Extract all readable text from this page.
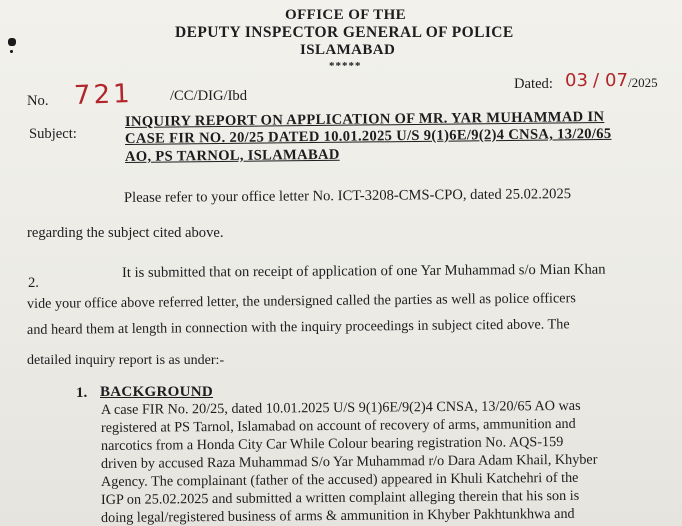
OFFICE OF THE
DEPUTY INSPECTOR GENERAL OF POLICE
ISLAMABAD
*****
No. 721	/CC/DIG/Ibd
Dated: 03 / 07 /2025
Subject:
INQUIRY REPORT ON APPLICATION OF MR. YAR MUHAMMAD IN
CASE FIR NO. 20/25 DATED 10.01.2025 U/S 9(1)6E/9(2)4 CNSA, 13/20/65
AO, PS TARNOL, ISLAMABAD
Please refer to your office letter No. ICT-3208-CMS-CPO, dated 25.02.2025
regarding the subject cited above.
2.
It is submitted that on receipt of application of one Yar Muhammad s/o Mian Khan
vide your office above referred letter, the undersigned called the parties as well as police officers
and heard them at length in connection with the inquiry proceedings in subject cited above. The
detailed inquiry report is as under:-
1. BACKGROUND
A case FIR No. 20/25, dated 10.01.2025 U/S 9(1)6E/9(2)4 CNSA, 13/20/65 AO was
registered at PS Tarnol, Islamabad on account of recovery of arms, ammunition and
narcotics from a Honda City Car While Colour bearing registration No. AQS-159
driven by accused Raza Muhammad S/o Yar Muhammad r/o Dara Adam Khail, Khyber
Agency. The complainant (father of the accused) appeared in Khuli Katchehri of the
IGP on 25.02.2025 and submitted a written complaint alleging therein that his son is
doing legal/registered business of arms & ammunition in Khyber Pakhtunkhwa and
